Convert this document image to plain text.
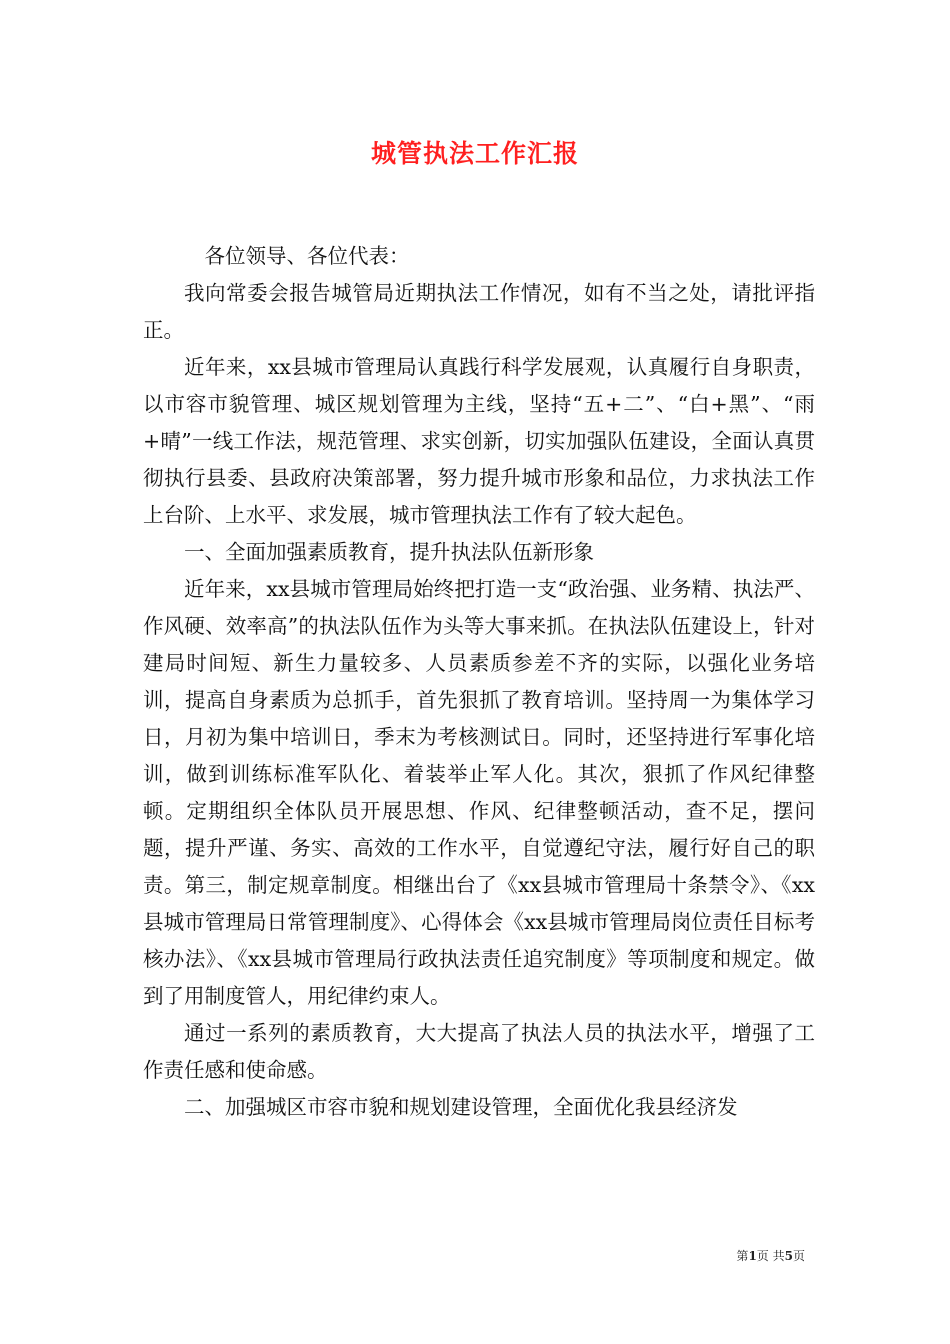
城管执法工作汇报

各位领导、各位代表：

我向常委会报告城管局近期执法工作情况，如有不当之处，请批评指正。

近年来，xx县城市管理局认真践行科学发展观，认真履行自身职责，以市容市貌管理、城区规划管理为主线，坚持“五+二”、“白+黑”、“雨+晴”一线工作法，规范管理、求实创新，切实加强队伍建设，全面认真贯彻执行县委、县政府决策部署，努力提升城市形象和品位，力求执法工作上台阶、上水平、求发展，城市管理执法工作有了较大起色。

一、全面加强素质教育，提升执法队伍新形象

近年来，xx县城市管理局始终把打造一支“政治强、业务精、执法严、作风硬、效率高”的执法队伍作为头等大事来抓。在执法队伍建设上，针对建局时间短、新生力量较多、人员素质参差不齐的实际，以强化业务培训，提高自身素质为总抓手，首先狠抓了教育培训。坚持周一为集体学习日，月初为集中培训日，季末为考核测试日。同时，还坚持进行军事化培训，做到训练标准军队化、着装举止军人化。其次，狠抓了作风纪律整顿。定期组织全体队员开展思想、作风、纪律整顿活动，查不足，摆问题，提升严谨、务实、高效的工作水平，自觉遵纪守法，履行好自己的职责。第三，制定规章制度。相继出台了《xx县城市管理局十条禁令》、《xx县城市管理局日常管理制度》、心得体会《xx县城市管理局岗位责任目标考核办法》、《xx县城市管理局行政执法责任追究制度》等项制度和规定。做到了用制度管人，用纪律约束人。

通过一系列的素质教育，大大提高了执法人员的执法水平，增强了工作责任感和使命感。

二、加强城区市容市貌和规划建设管理，全面优化我县经济发

第1页 共5页
